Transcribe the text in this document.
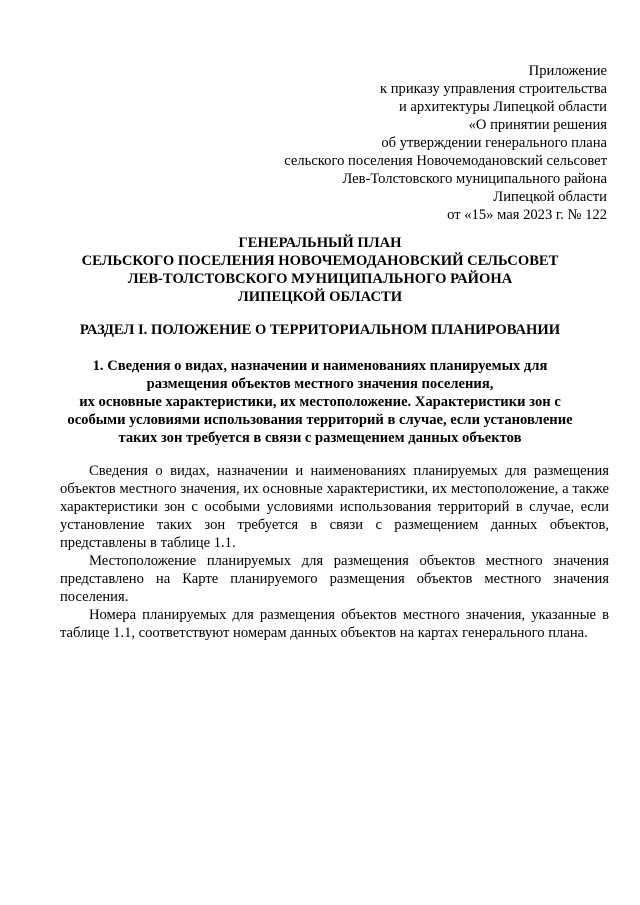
Приложение
к приказу управления строительства
и архитектуры Липецкой области
«О принятии решения
об утверждении генерального плана
сельского поселения Новочемодановский сельсовет
Лев-Толстовского муниципального района
Липецкой области
от «15» мая 2023 г. № 122
ГЕНЕРАЛЬНЫЙ ПЛАН
СЕЛЬСКОГО ПОСЕЛЕНИЯ НОВОЧЕМОДАНОВСКИЙ СЕЛЬСОВЕТ
ЛЕВ-ТОЛСТОВСКОГО МУНИЦИПАЛЬНОГО РАЙОНА
ЛИПЕЦКОЙ ОБЛАСТИ
РАЗДЕЛ I. ПОЛОЖЕНИЕ О ТЕРРИТОРИАЛЬНОМ ПЛАНИРОВАНИИ
1. Сведения о видах, назначении и наименованиях планируемых для
размещения объектов местного значения поселения,
их основные характеристики, их местоположение. Характеристики зон с
особыми условиями использования территорий в случае, если установление
таких зон требуется в связи с размещением данных объектов

Сведения о видах, назначении и наименованиях планируемых для размещения объектов местного значения, их основные характеристики, их местоположение, а также характеристики зон с особыми условиями использования территорий в случае, если установление таких зон требуется в связи с размещением данных объектов, представлены в таблице 1.1.

Местоположение планируемых для размещения объектов местного значения представлено на Карте планируемого размещения объектов местного значения поселения.

Номера планируемых для размещения объектов местного значения, указанные в таблице 1.1, соответствуют номерам данных объектов на картах генерального плана.
